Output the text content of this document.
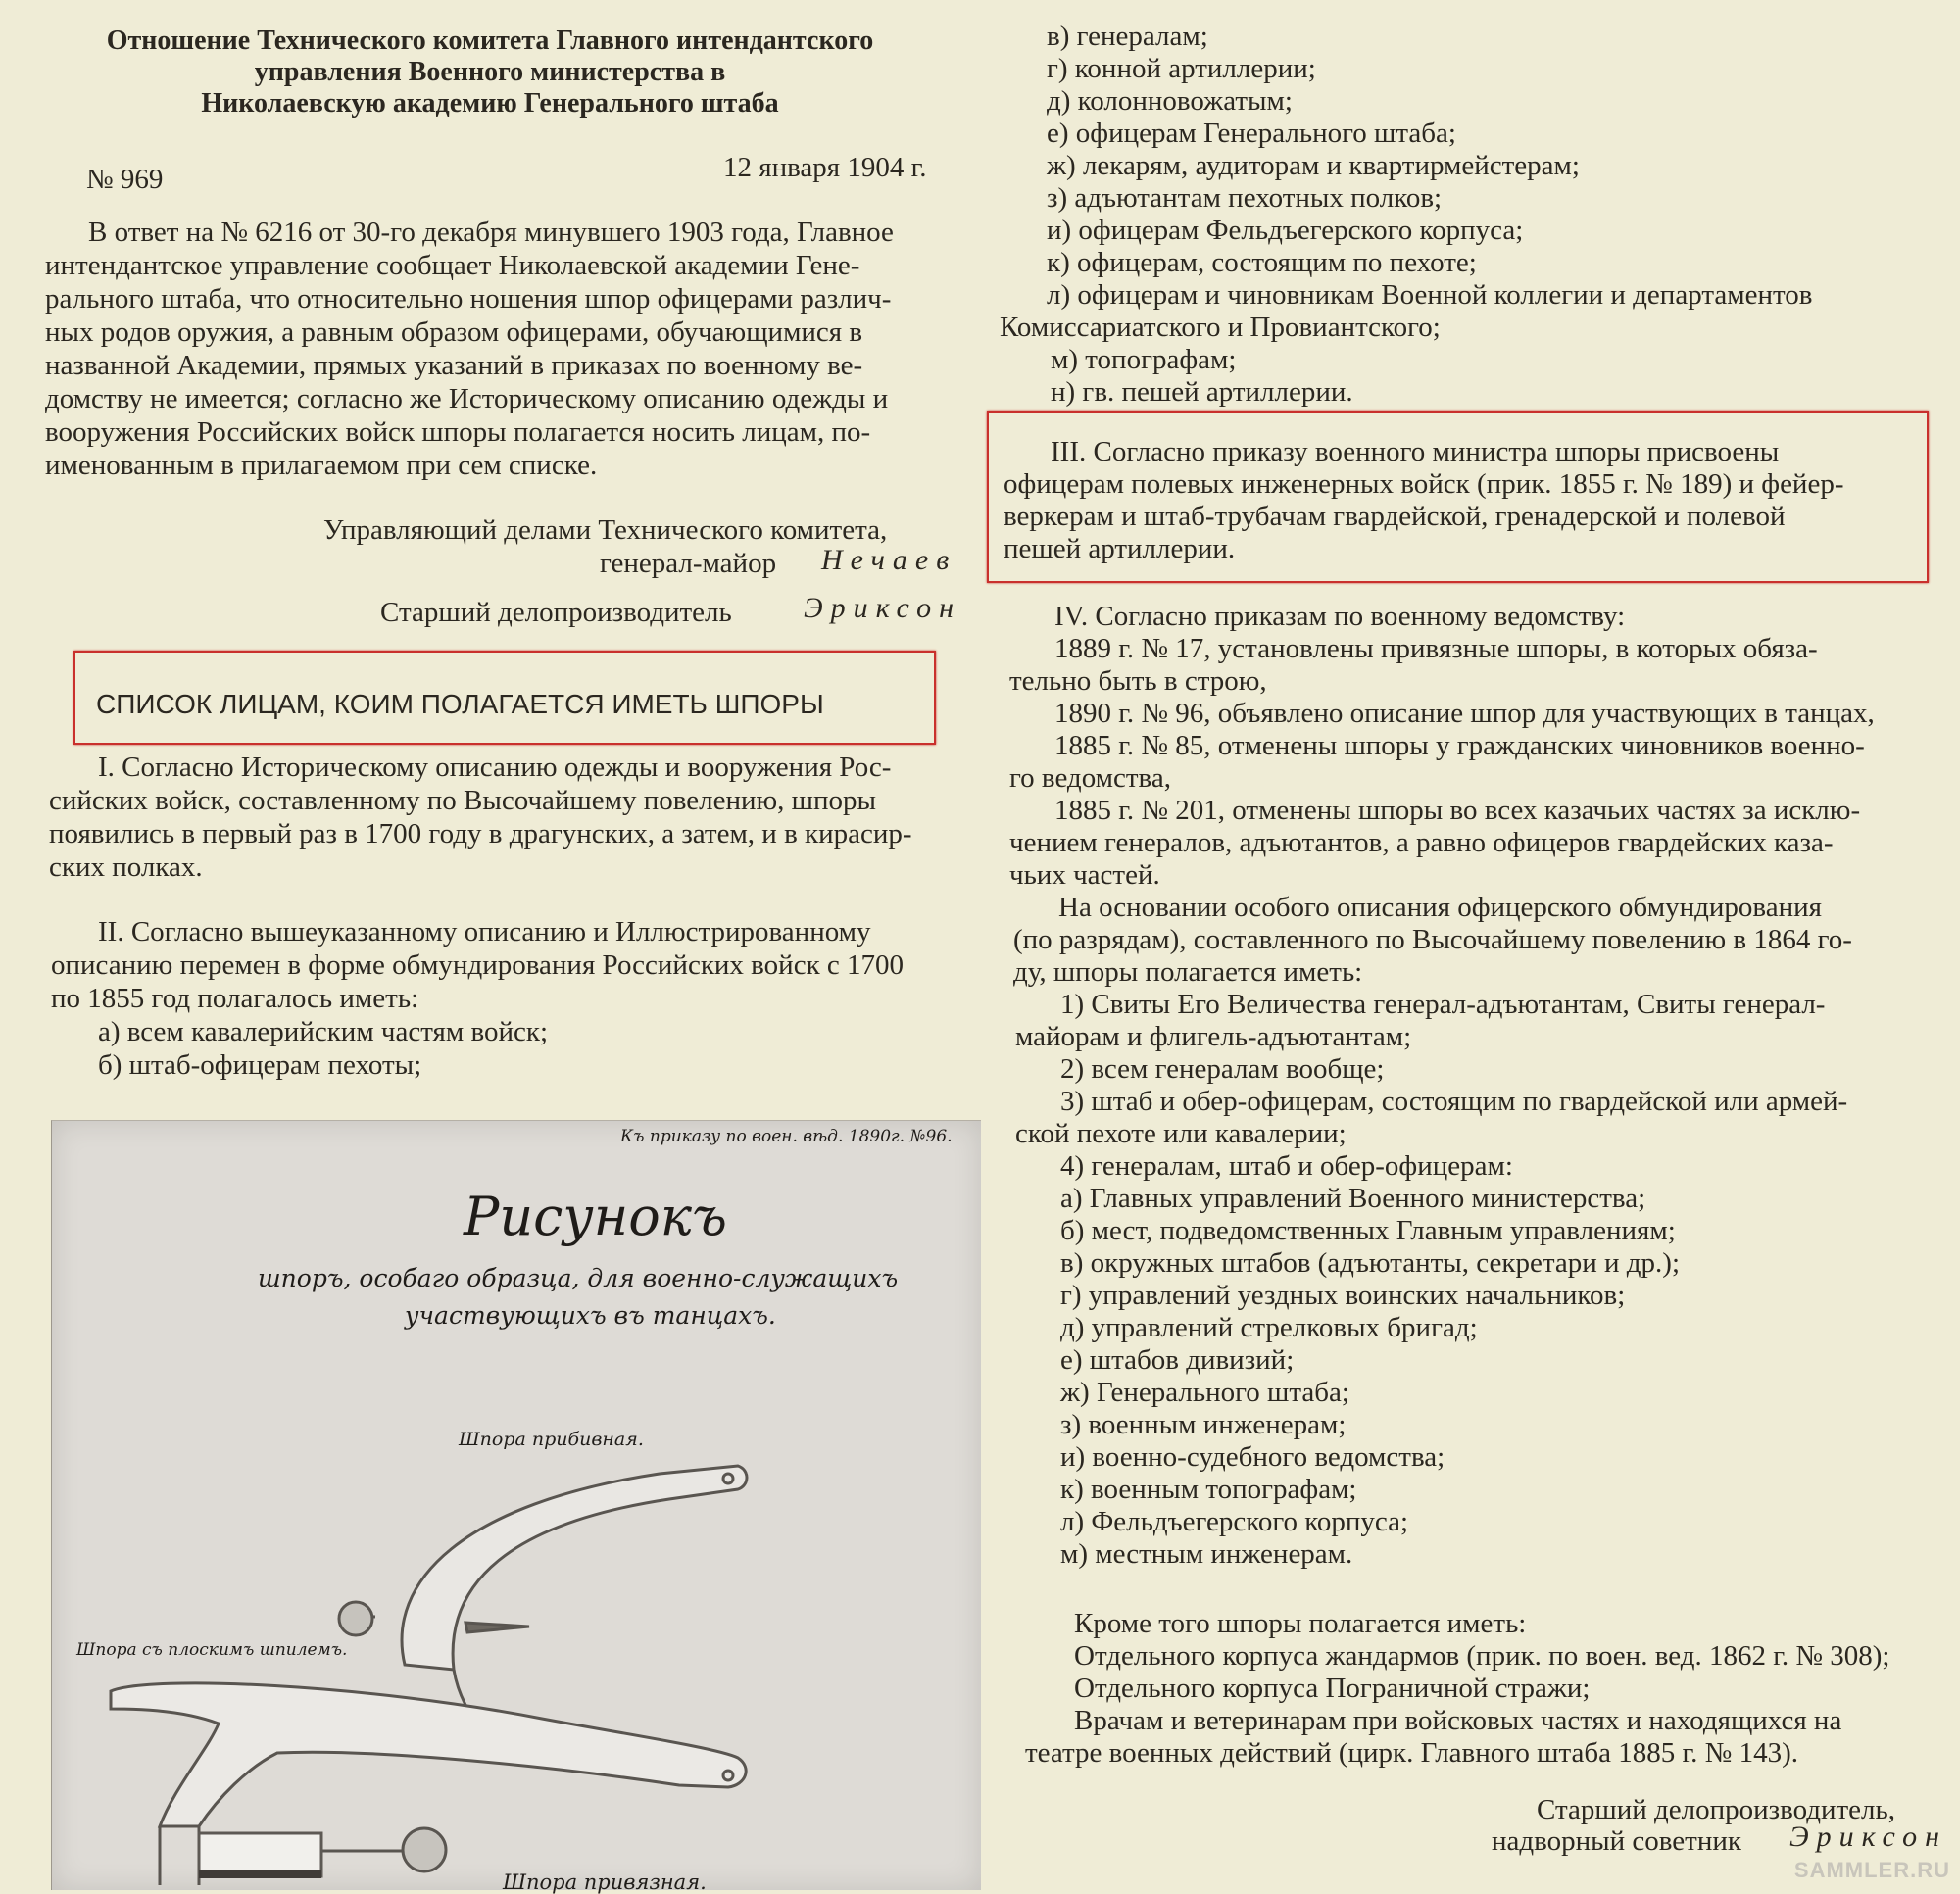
Отношение Технического комитета Главного интендантского
управления Военного министерства в
Николаевскую академию Генерального штаба
№ 969	12 января 1904 г.
В ответ на № 6216 от 30-го декабря минувшего 1903 года, Главное
интендантское управление сообщает Николаевской академии Гене-
рального штаба, что относительно ношения шпор офицерами различ-
ных родов оружия, а равным образом офицерами, обучающимися в
названной Академии, прямых указаний в приказах по военному ве-
домству не имеется; согласно же Историческому описанию одежды и
вооружения Российских войск шпоры полагается носить лицам, по-
именованным в прилагаемом при сем списке.
Управляющий делами Технического комитета,
генерал-майор Нечаев
Старший делопроизводитель Эриксон
СПИСОК ЛИЦАМ, КОИМ ПОЛАГАЕТСЯ ИМЕТЬ ШПОРЫ
I. Согласно Историческому описанию одежды и вооружения Рос-
сийских войск, составленному по Высочайшему повелению, шпоры
появились в первый раз в 1700 году в драгунских, а затем, и в кирасир-
ских полках.
II. Согласно вышеуказанному описанию и Иллюстрированному
описанию перемен в форме обмундирования Российских войск с 1700
по 1855 год полагалось иметь:
а) всем кавалерийским частям войск;
б) штаб-офицерам пехоты;
Къ приказу по воен. вѣд. 1890г. №96.
Рисунокъ
шпоръ, особаго образца, для военно-служащихъ
участвующихъ въ танцахъ.
Шпора прибивная.
Шпора съ плоскимъ шпилемъ.
Шпора привязная.
в) генералам;
г) конной артиллерии;
д) колонновожатым;
е) офицерам Генерального штаба;
ж) лекарям, аудиторам и квартирмейстерам;
з) адъютантам пехотных полков;
и) офицерам Фельдъегерского корпуса;
к) офицерам, состоящим по пехоте;
л) офицерам и чиновникам Военной коллегии и департаментов
Комиссариатского и Провиантского;
м) топографам;
н) гв. пешей артиллерии.
III. Согласно приказу военного министра шпоры присвоены
офицерам полевых инженерных войск (прик. 1855 г. № 189) и фейер-
веркерам и штаб-трубачам гвардейской, гренадерской и полевой
пешей артиллерии.
IV. Согласно приказам по военному ведомству:
1889 г. № 17, установлены привязные шпоры, в которых обяза-
тельно быть в строю,
1890 г. № 96, объявлено описание шпор для участвующих в танцах,
1885 г. № 85, отменены шпоры у гражданских чиновников военно-
го ведомства,
1885 г. № 201, отменены шпоры во всех казачьих частях за исклю-
чением генералов, адъютантов, а равно офицеров гвардейских каза-
чьих частей.
На основании особого описания офицерского обмундирования
(по разрядам), составленного по Высочайшему повелению в 1864 го-
ду, шпоры полагается иметь:
1) Свиты Его Величества генерал-адъютантам, Свиты генерал-
майорам и флигель-адъютантам;
2) всем генералам вообще;
3) штаб и обер-офицерам, состоящим по гвардейской или армей-
ской пехоте или кавалерии;
4) генералам, штаб и обер-офицерам:
а) Главных управлений Военного министерства;
б) мест, подведомственных Главным управлениям;
в) окружных штабов (адъютанты, секретари и др.);
г) управлений уездных воинских начальников;
д) управлений стрелковых бригад;
е) штабов дивизий;
ж) Генерального штаба;
з) военным инженерам;
и) военно-судебного ведомства;
к) военным топографам;
л) Фельдъегерского корпуса;
м) местным инженерам.
Кроме того шпоры полагается иметь:
Отдельного корпуса жандармов (прик. по воен. вед. 1862 г. № 308);
Отдельного корпуса Пограничной стражи;
Врачам и ветеринарам при войсковых частях и находящихся на
театре военных действий (цирк. Главного штаба 1885 г. № 143).
Старший делопроизводитель,
надворный советник Эриксон
SAMMLER.RU
